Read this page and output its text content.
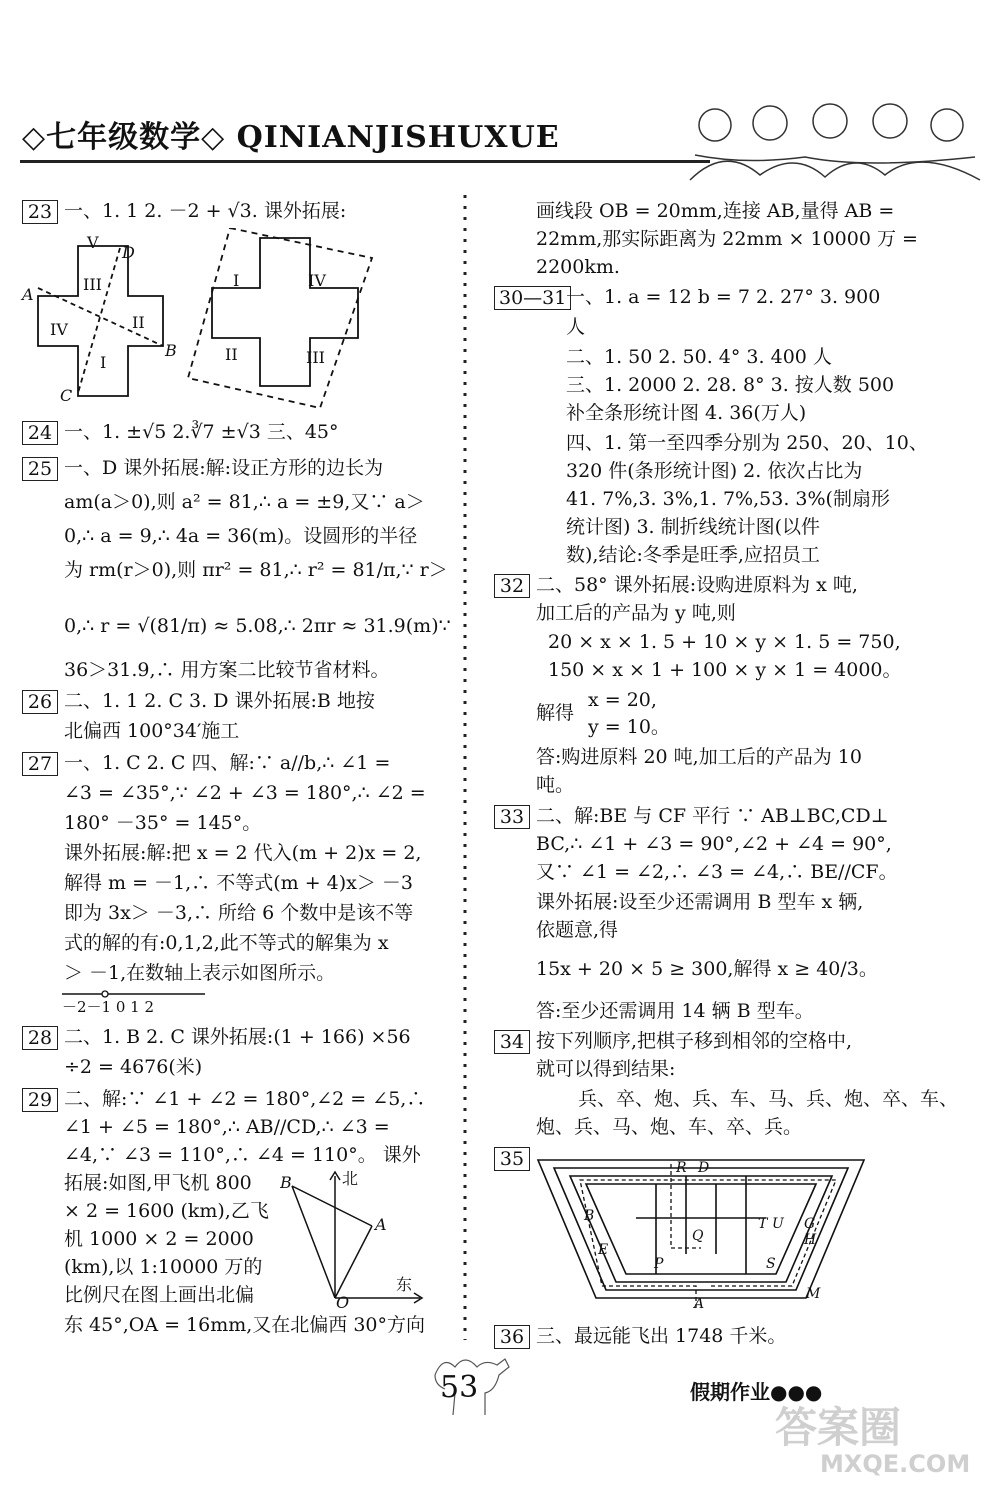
◇七年级数学◇ QINIANJISHUXUE
23 一、1. 1 2. －2 + √3. 课外拓展:
V
D
A
III
II
IV
I
B
C
I	IV
II	III
24 一、1. ±√5 2.∛7 ±√3 三、45°
25 一、D 课外拓展:解:设正方形的边长为
am(a＞0),则 a² = 81,∴ a = ±9,又∵ a＞
0,∴ a = 9,∴ 4a = 36(m)。设圆形的半径
为 rm(r＞0),则 πr² = 81,∴ r² = 81/π,∵ r＞
0,∴ r = √(81/π) ≈ 5.08,∴ 2πr ≈ 31.9(m)∵
36＞31.9,∴ 用方案二比较节省材料。
26 二、1. 1 2. C 3. D 课外拓展:B 地按
北偏西 100°34′施工
27 一、1. C 2. C 四、解:∵ a//b,∴ ∠1 =
∠3 = ∠35°,∵ ∠2 + ∠3 = 180°,∴ ∠2 =
180° －35° = 145°。
课外拓展:解:把 x = 2 代入(m + 2)x = 2,
解得 m = －1,∴ 不等式(m + 4)x＞ －3
即为 3x＞ －3,∴ 所给 6 个数中是该不等
式的解的有:0,1,2,此不等式的解集为 x
＞ －1,在数轴上表示如图所示。
－2－1 0 1 2
28 二、1. B 2. C 课外拓展:(1 + 166) ×56
÷2 = 4676(米)
29 二、解:∵ ∠1 + ∠2 = 180°,∠2 = ∠5,∴
∠1 + ∠5 = 180°,∴ AB//CD,∴ ∠3 =
∠4,∵ ∠3 = 110°,∴ ∠4 = 110°。 课外
拓展:如图,甲飞机 800
× 2 = 1600 (km),乙飞
机 1000 × 2 = 2000
(km),以 1:10000 万的
比例尺在图上画出北偏
东 45°,OA = 16mm,又在北偏西 30°方向
北
东
B
A
O
画线段 OB = 20mm,连接 AB,量得 AB =
22mm,那实际距离为 22mm × 10000 万 =
2200km.
30—31 一、1. a = 12 b = 7 2. 27° 3. 900
人
二、1. 50 2. 50. 4° 3. 400 人
三、1. 2000 2. 28. 8° 3. 按人数 500
补全条形统计图 4. 36(万人)
四、1. 第一至四季分别为 250、20、10、
320 件(条形统计图) 2. 依次占比为
41. 7%,3. 3%,1. 7%,53. 3%(制扇形
统计图) 3. 制折线统计图(以件
数),结论:冬季是旺季,应招员工
32 二、58° 课外拓展:设购进原料为 x 吨,
加工后的产品为 y 吨,则
20 × x × 1. 5 + 10 × y × 1. 5 = 750,
150 × x × 1 + 100 × y × 1 = 4000。
解得
x = 20,
y = 10。
答:购进原料 20 吨,加工后的产品为 10
吨。
33 二、解:BE 与 CF 平行 ∵ AB⊥BC,CD⊥
BC,∴ ∠1 + ∠3 = 90°,∠2 + ∠4 = 90°,
又∵ ∠1 = ∠2,∴ ∠3 = ∠4,∴ BE//CF。
课外拓展:设至少还需调用 B 型车 x 辆,
依题意,得
15x + 20 × 5 ≥ 300,解得 x ≥ 40/3。
答:至少还需调用 14 辆 B 型车。
34 按下列顺序,把棋子移到相邻的空格中,
就可以得到结果:
兵、卒、炮、兵、车、马、兵、炮、卒、车、
炮、兵、马、炮、车、卒、兵。
35	R D
B	T U G
Q	H
E
P	S
M
A
36 三、最远能飞出 1748 千米。
53	假期作业●●●
答案圈
MXQE.COM
